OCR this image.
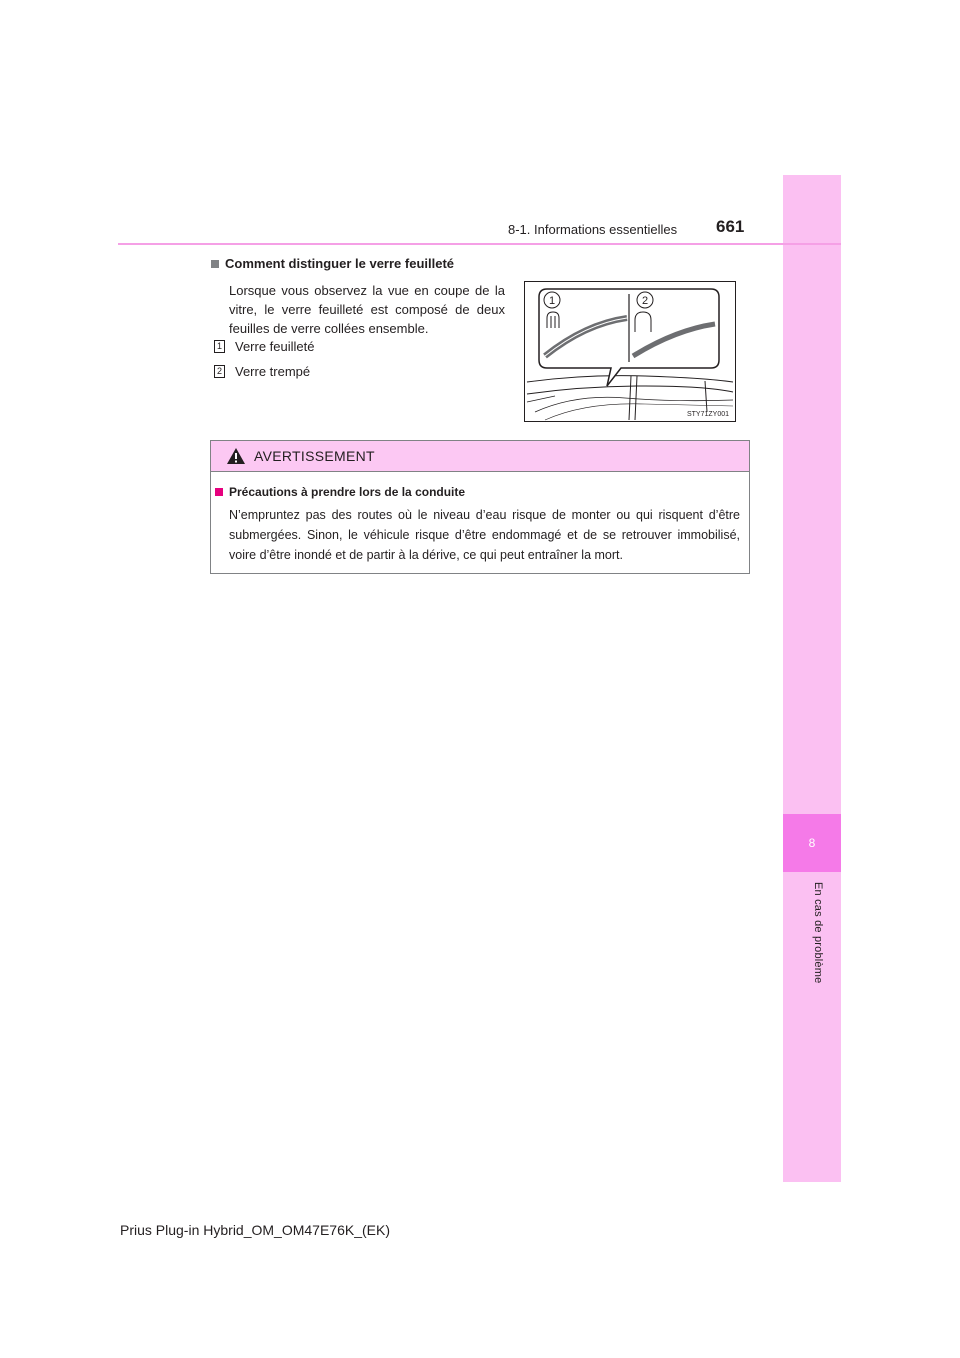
8
En cas de problème
8-1. Informations essentielles 661
Comment distinguer le verre feuilleté
Lorsque vous observez la vue en coupe de la vitre, le verre feuilleté est composé de deux feuilles de verre collées ensemble.
1 Verre feuilleté
2 Verre trempé
1	2
STY71ZY001
AVERTISSEMENT
Précautions à prendre lors de la conduite
N’empruntez pas des routes où le niveau d’eau risque de monter ou qui risquent d’être submergées. Sinon, le véhicule risque d’être endommagé et de se retrouver immobilisé, voire d’être inondé et de partir à la dérive, ce qui peut entraîner la mort.
Prius Plug-in Hybrid_OM_OM47E76K_(EK)
